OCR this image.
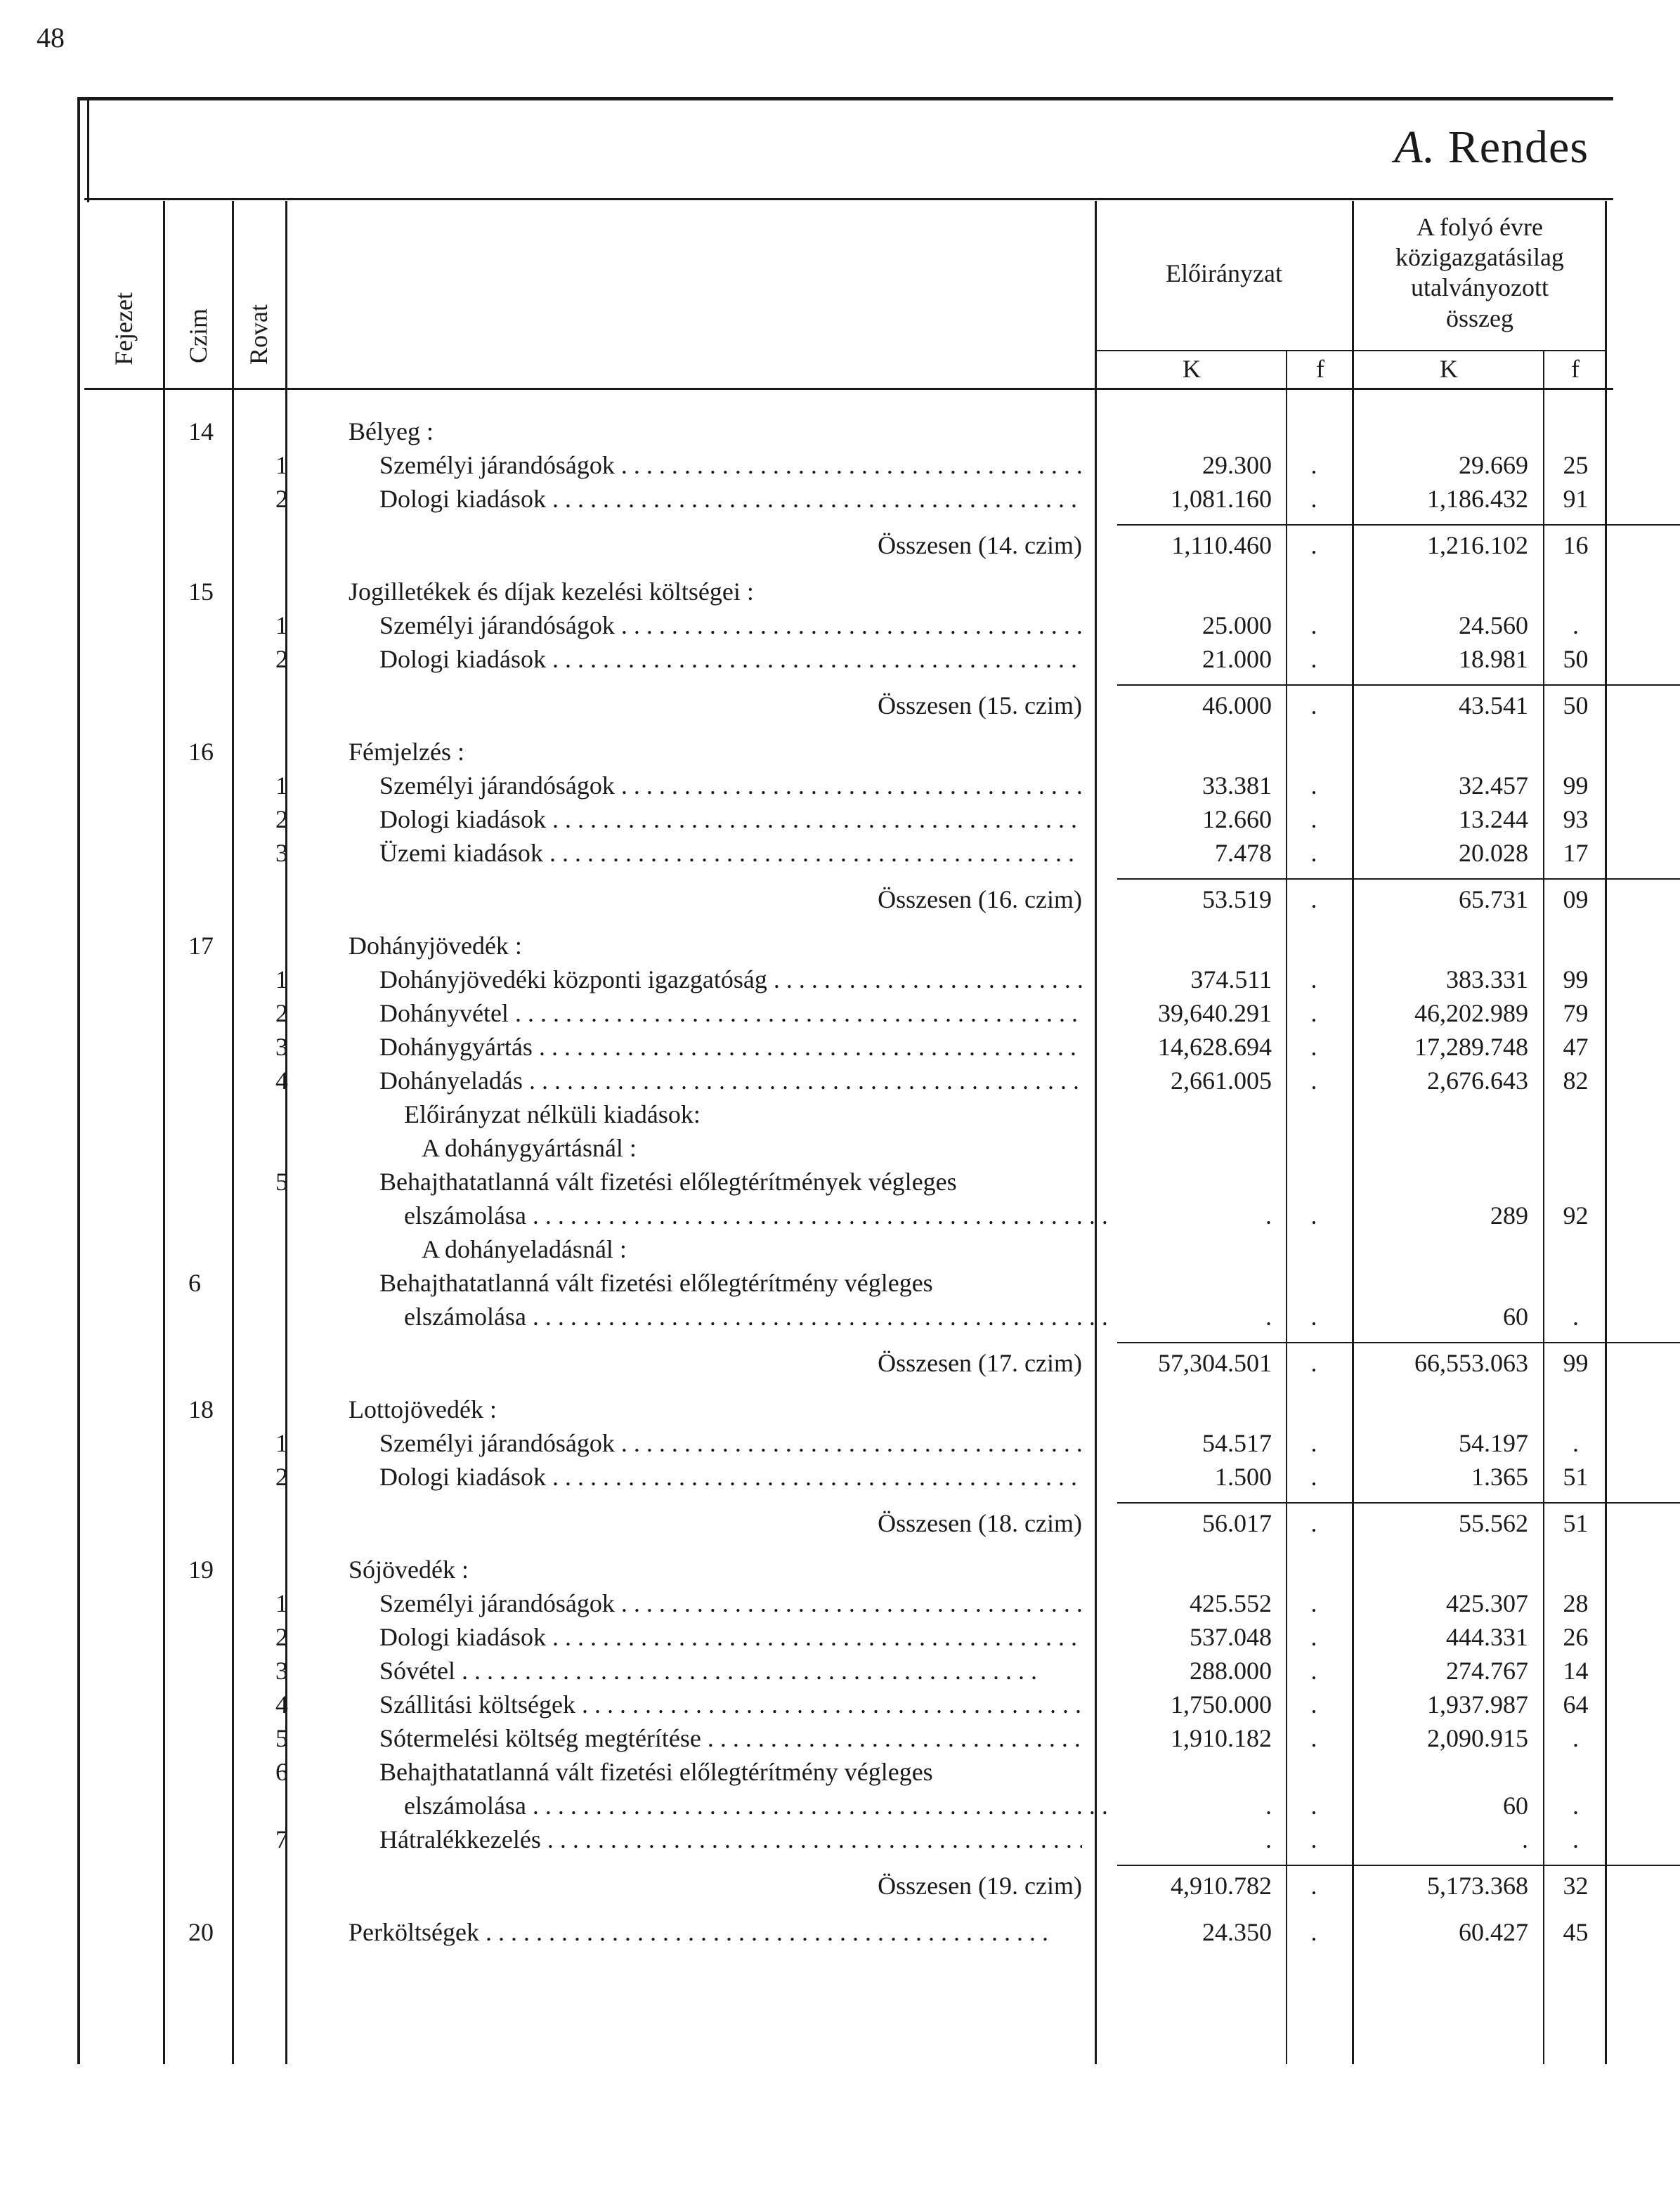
48
A. Rendes
Fejezet Czim Rovat
Előirányzat
A folyó évre
közigazgatásilag
utalványozott
összeg
K	f	K	f
14	Bélyeg :
1	Személyi járandóságok . . .	29.300	.	29.669	25
2	Dologi kiadások . . .	1,081.160	.	1,186.432	91
Összesen (14. czim)	1,110.460	.	1,216.102	16
15	Jogilletékek és díjak kezelési költségei :
1	Személyi járandóságok . . .	25.000	.	24.560	.
2	Dologi kiadások . . .	21.000	.	18.981	50
Összesen (15. czim)	46.000	.	43.541	50
16	Fémjelzés :
1	Személyi járandóságok . . .	33.381	.	32.457	99
2	Dologi kiadások . . .	12.660	.	13.244	93
3	Üzemi kiadások . . .	7.478	.	20.028	17
Összesen (16. czim)	53.519	.	65.731	09
17	Dohányjövedék :
1	Dohányjövedéki központi igazgatóság . . .	374.511	.	383.331	99
2	Dohányvétel . . .	39,640.291	.	46,202.989	79
3	Dohánygyártás . . .	14,628.694	.	17,289.748	47
4	Dohányeladás . . .	2,661.005	.	2,676.643	82
Előirányzat nélküli kiadások:
A dohánygyártásnál :
5	Behajthatatlanná vált fizetési előlegtérítmények végleges
elszámolása . . .	.	.	289	92
A dohányeladásnál :
6	Behajthatatlanná vált fizetési előlegtérítmény végleges
elszámolása . . .	.	.	60	.
Összesen (17. czim)	57,304.501	.	66,553.063	99
18	Lottojövedék :
1	Személyi járandóságok . . .	54.517	.	54.197	.
2	Dologi kiadások . . .	1.500	.	1.365	51
Összesen (18. czim)	56.017	.	55.562	51
19	Sójövedék :
1	Személyi járandóságok . . .	425.552	.	425.307	28
2	Dologi kiadások . . .	537.048	.	444.331	26
3	Sóvétel . . .	288.000	.	274.767	14
4	Szállitási költségek . . .	1,750.000	.	1,937.987	64
5	Sótermelési költség megtérítése . . .	1,910.182	.	2,090.915	.
6	Behajthatatlanná vált fizetési előlegtérítmény végleges
elszámolása . . .	.	.	60	.
7	Hátralékkezelés . . .	.	.	.	.
Összesen (19. czim)	4,910.782	.	5,173.368	32
20	Perköltségek . . .	24.350	.	60.427	45
